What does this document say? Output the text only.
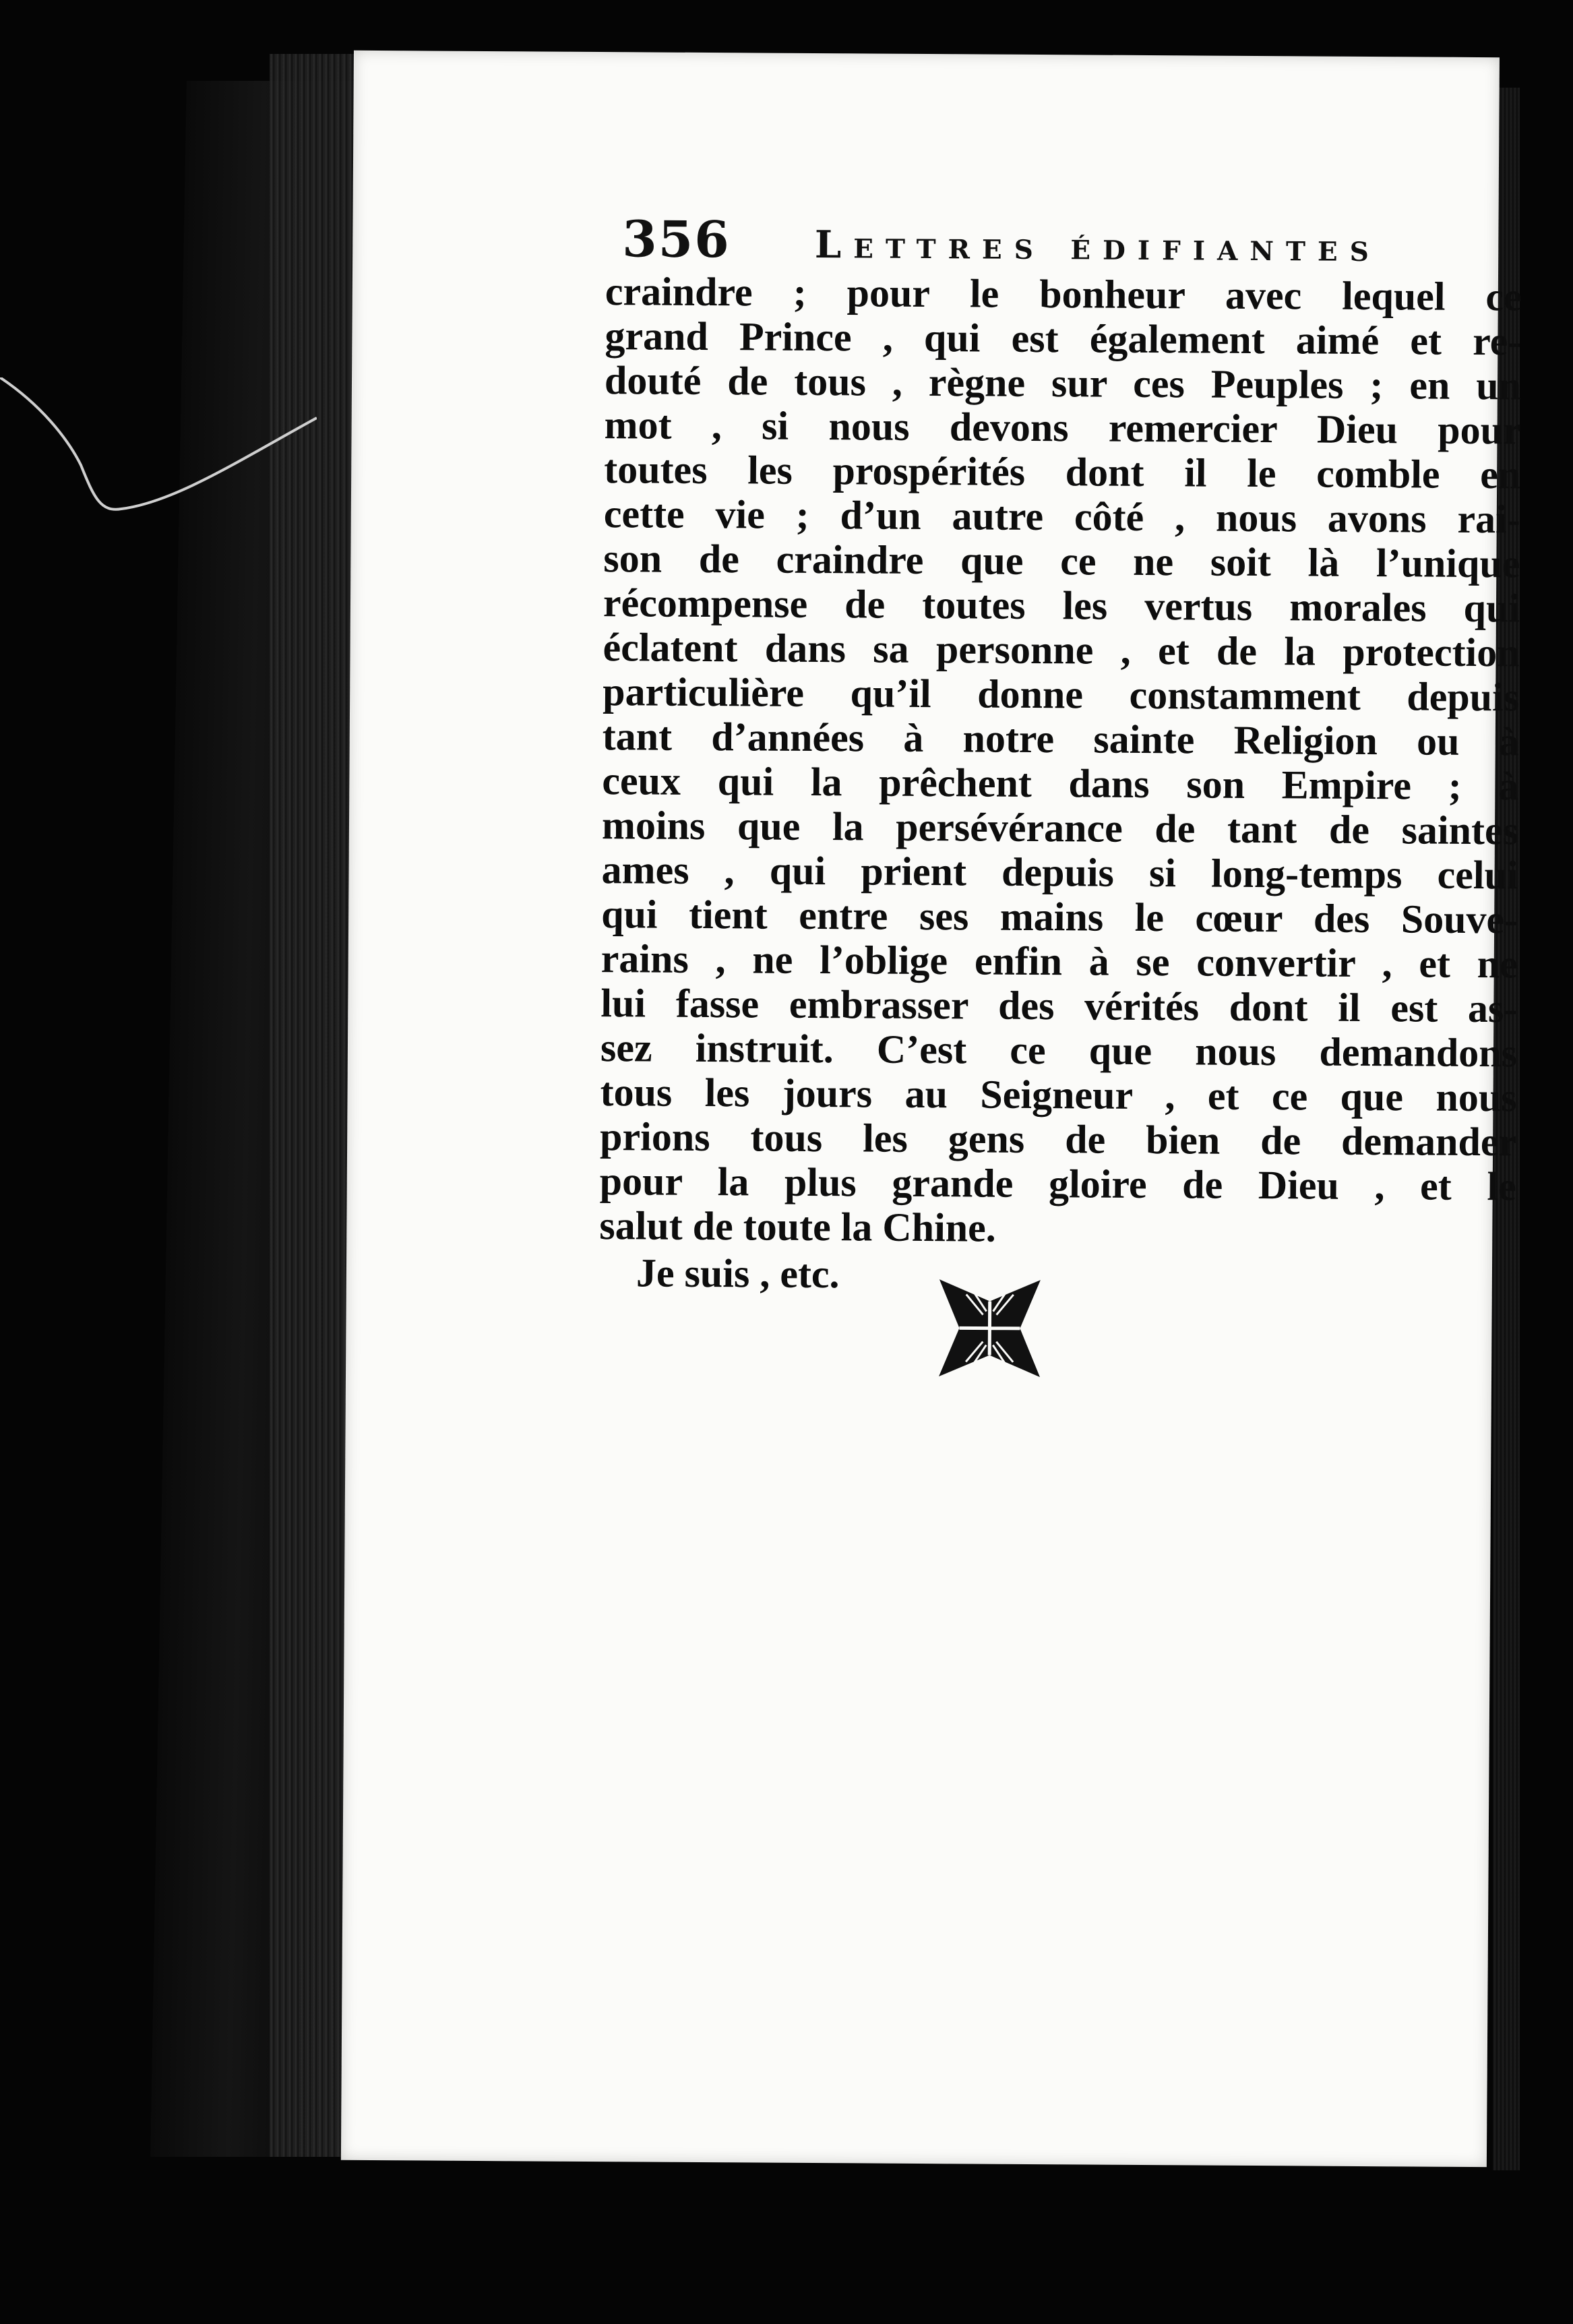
356 Lettres édifiantes
craindre ; pour le bonheur avec lequel ce
grand Prince , qui est également aimé et re-
douté de tous , règne sur ces Peuples ; en un
mot , si nous devons remercier Dieu pour
toutes les prospérités dont il le comble en
cette vie ; d’un autre côté , nous avons rai-
son de craindre que ce ne soit là l’unique
récompense de toutes les vertus morales qui
éclatent dans sa personne , et de la protection
particulière qu’il donne constamment depuis
tant d’années à notre sainte Religion ou à
ceux qui la prêchent dans son Empire ; à
moins que la persévérance de tant de saintes
ames , qui prient depuis si long-temps celui
qui tient entre ses mains le cœur des Souve-
rains , ne l’oblige enfin à se convertir , et ne
lui fasse embrasser des vérités dont il est as-
sez instruit. C’est ce que nous demandons
tous les jours au Seigneur , et ce que nous
prions tous les gens de bien de demander
pour la plus grande gloire de Dieu , et le
salut de toute la Chine.
Je suis , etc.
